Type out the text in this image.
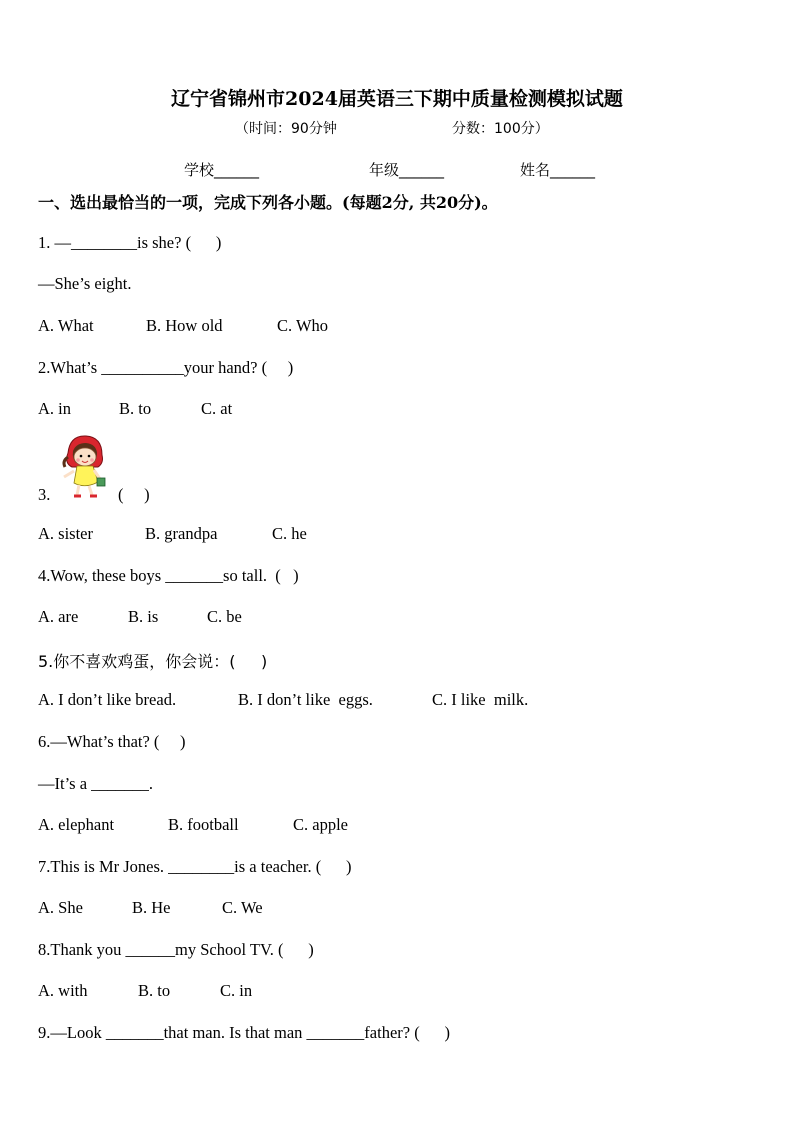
辽宁省锦州市2024届英语三下期中质量检测模拟试题
（时间：90分钟	分数：100分）
学校______	年级______	姓名______
一、选出最恰当的一项，完成下列各小题。(每题2分, 共20分)。
1. —________is she? (      )
—She’s eight.
A. What	B. How old	C. Who
2.What’s __________your hand? (     )
A. in	B. to	C. at
3.	(     )
A. sister	B. grandpa	C. he
4.Wow, these boys _______so tall.  (   )
A. are	B. is	C. be
5.你不喜欢鸡蛋，你会说：(     )
A. I don’t like bread.	B. I don’t like  eggs.	C. I like  milk.
6.—What’s that? (     )
—It’s a _______.
A. elephant	B. football	C. apple
7.This is Mr Jones. ________is a teacher. (      )
A. She	B. He	C. We
8.Thank you ______my School TV. (      )
A. with	B. to	C. in
9.—Look _______that man. Is that man _______father? (      )
